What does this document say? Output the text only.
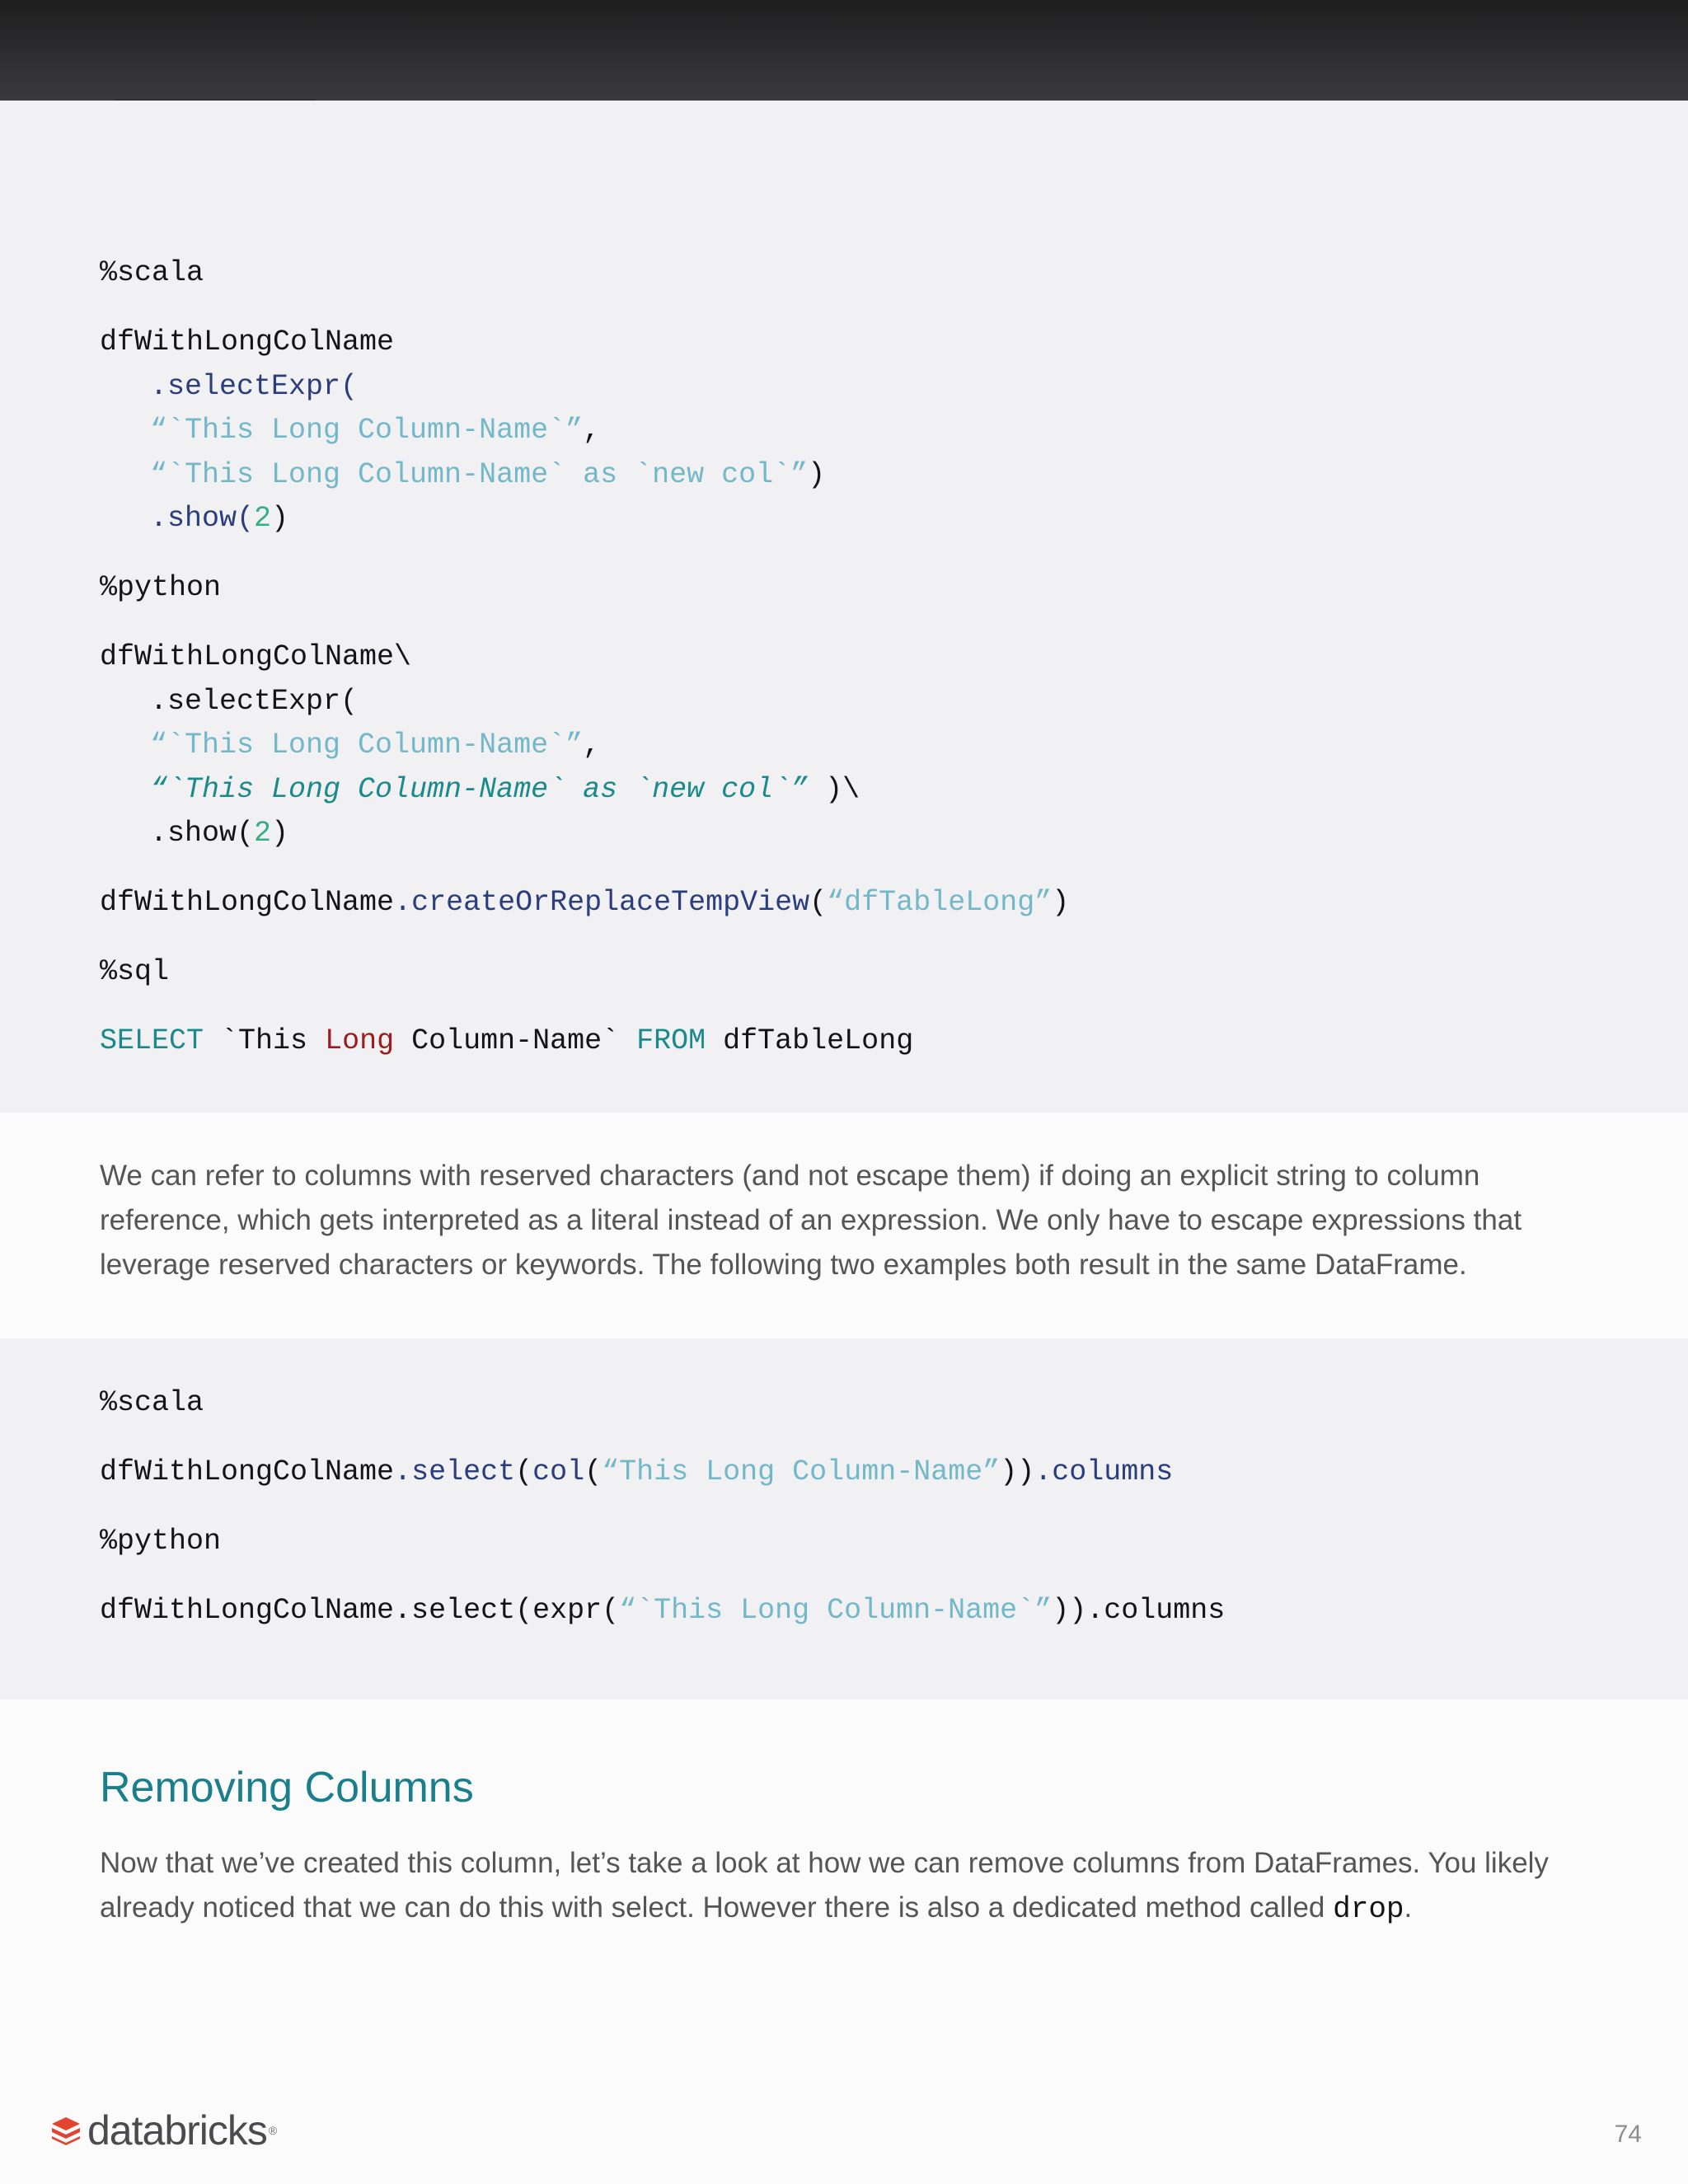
%scala
dfWithLongColName
.selectExpr(
“`This Long Column-Name`”,
“`This Long Column-Name` as `new col`”)
.show(2)
%python
dfWithLongColName\
.selectExpr(
“`This Long Column-Name`”,
“`This Long Column-Name` as `new col`” )\
.show(2)
dfWithLongColName.createOrReplaceTempView(“dfTableLong”)
%sql
SELECT `This Long Column-Name` FROM dfTableLong
We can refer to columns with reserved characters (and not escape them) if doing an explicit string to column
reference, which gets interpreted as a literal instead of an expression. We only have to escape expressions that
leverage reserved characters or keywords. The following two examples both result in the same DataFrame.
%scala
dfWithLongColName.select(col(“This Long Column-Name”)).columns
%python
dfWithLongColName.select(expr(“`This Long Column-Name`”)).columns
Removing Columns
Now that we’ve created this column, let’s take a look at how we can remove columns from DataFrames. You likely
already noticed that we can do this with select. However there is also a dedicated method called drop.
databricks ®	74
